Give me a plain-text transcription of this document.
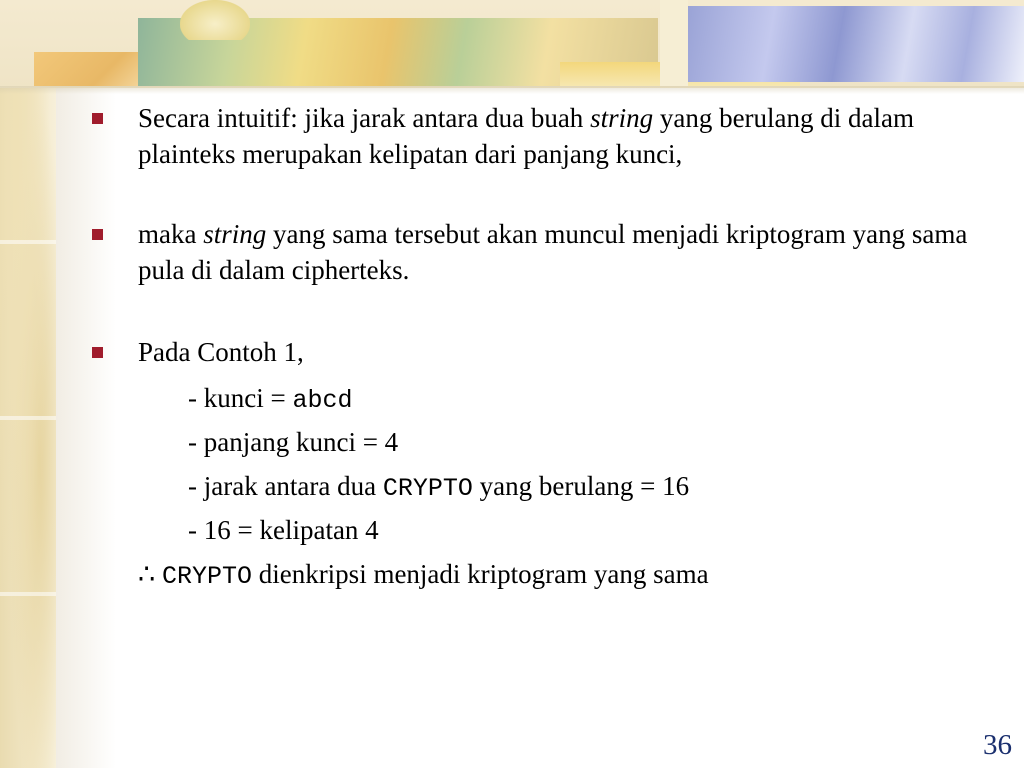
Secara intuitif: jika jarak antara dua buah string yang berulang di dalam plainteks merupakan kelipatan dari panjang kunci,
maka string yang sama tersebut akan muncul menjadi kriptogram yang sama pula di dalam cipherteks.
Pada Contoh 1,
- kunci = abcd
- panjang kunci = 4
- jarak antara dua CRYPTO yang berulang = 16
- 16 = kelipatan 4
∴ CRYPTO dienkripsi menjadi kriptogram yang sama
36
